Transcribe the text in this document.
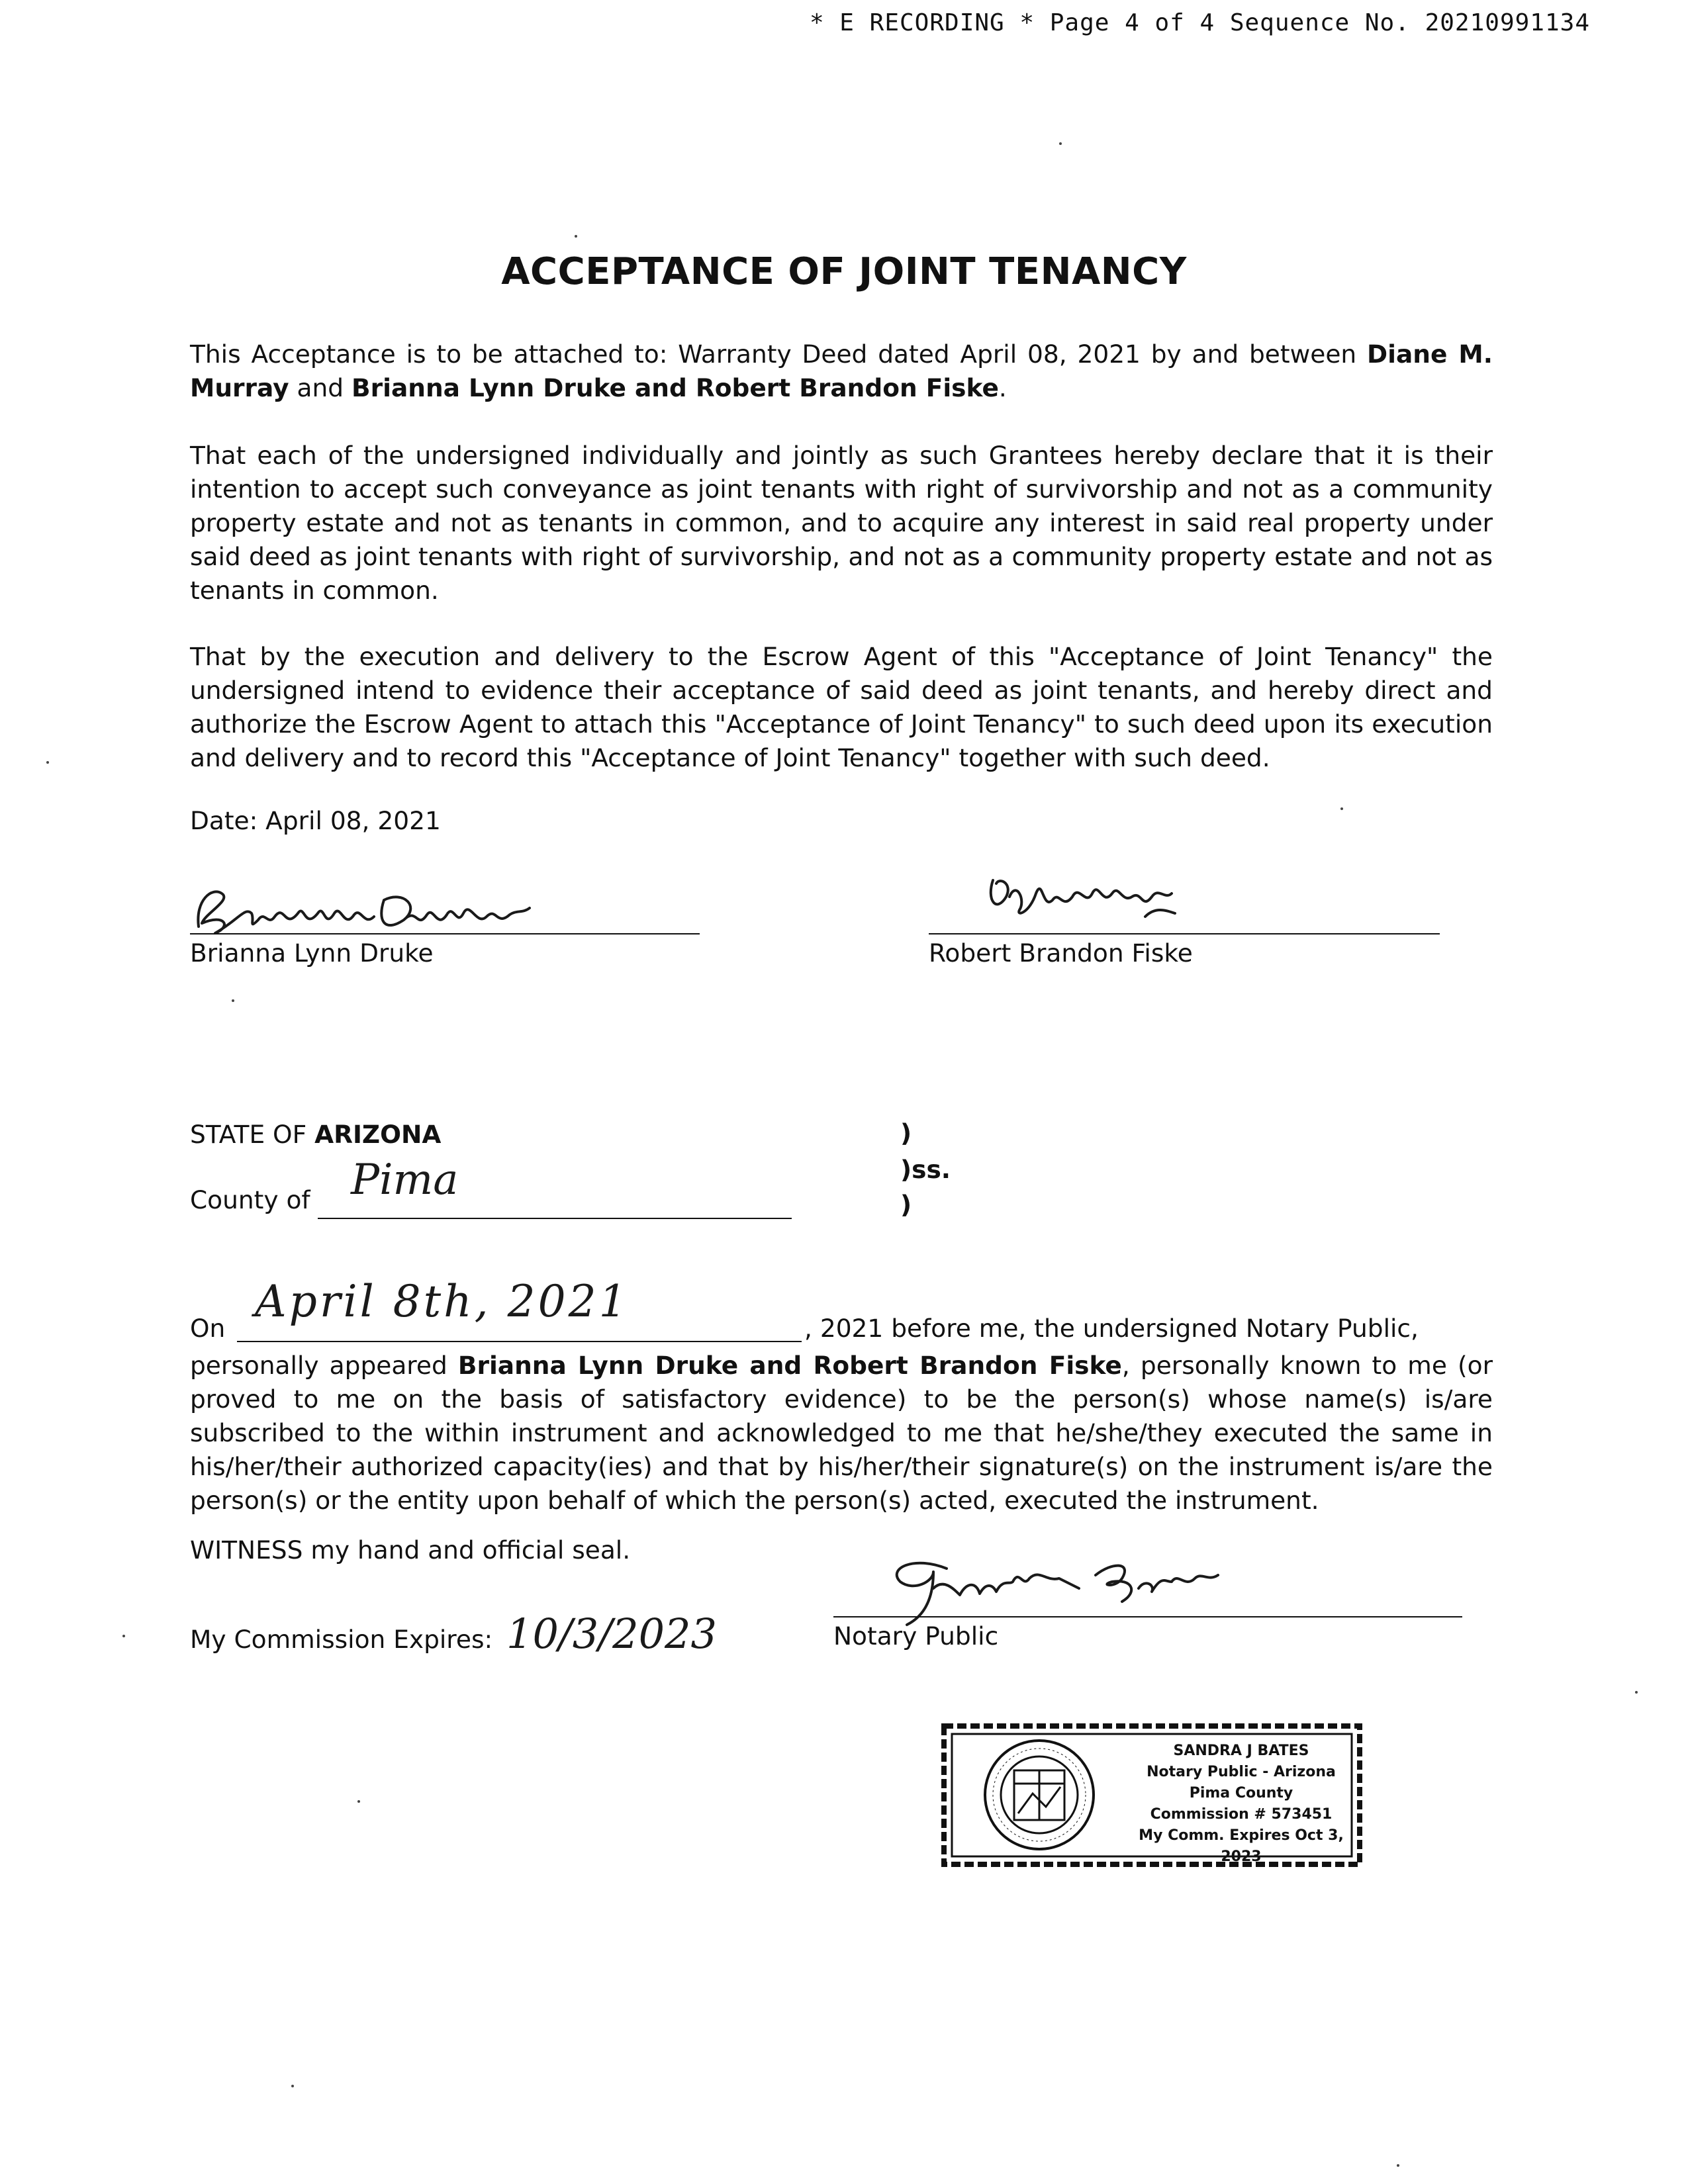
* E RECORDING * Page 4 of 4 Sequence No. 20210991134
ACCEPTANCE OF JOINT TENANCY
This Acceptance is to be attached to: Warranty Deed dated April 08, 2021 by and between Diane M. Murray and Brianna Lynn Druke and Robert Brandon Fiske.
That each of the undersigned individually and jointly as such Grantees hereby declare that it is their intention to accept such conveyance as joint tenants with right of survivorship and not as a community property estate and not as tenants in common, and to acquire any interest in said real property under said deed as joint tenants with right of survivorship, and not as a community property estate and not as tenants in common.
That by the execution and delivery to the Escrow Agent of this "Acceptance of Joint Tenancy" the undersigned intend to evidence their acceptance of said deed as joint tenants, and hereby direct and authorize the Escrow Agent to attach this "Acceptance of Joint Tenancy" to such deed upon its execution and delivery and to record this "Acceptance of Joint Tenancy" together with such deed.
Date: April 08, 2021
Brianna Lynn Druke	Robert Brandon Fiske
STATE OF ARIZONA
County of Pima
)
)ss.
)
On
April 8th, 2021
, 2021 before me, the undersigned Notary Public,
personally appeared Brianna Lynn Druke and Robert Brandon Fiske, personally known to me (or proved to me on the basis of satisfactory evidence) to be the person(s) whose name(s) is/are subscribed to the within instrument and acknowledged to me that he/she/they executed the same in his/her/their authorized capacity(ies) and that by his/her/their signature(s) on the instrument is/are the person(s) or the entity upon behalf of which the person(s) acted, executed the instrument.
WITNESS my hand and official seal.
My Commission Expires: 10/3/2023	Notary Public
SANDRA J BATES
Notary Public - Arizona
Pima County
Commission # 573451
My Comm. Expires Oct 3, 2023
